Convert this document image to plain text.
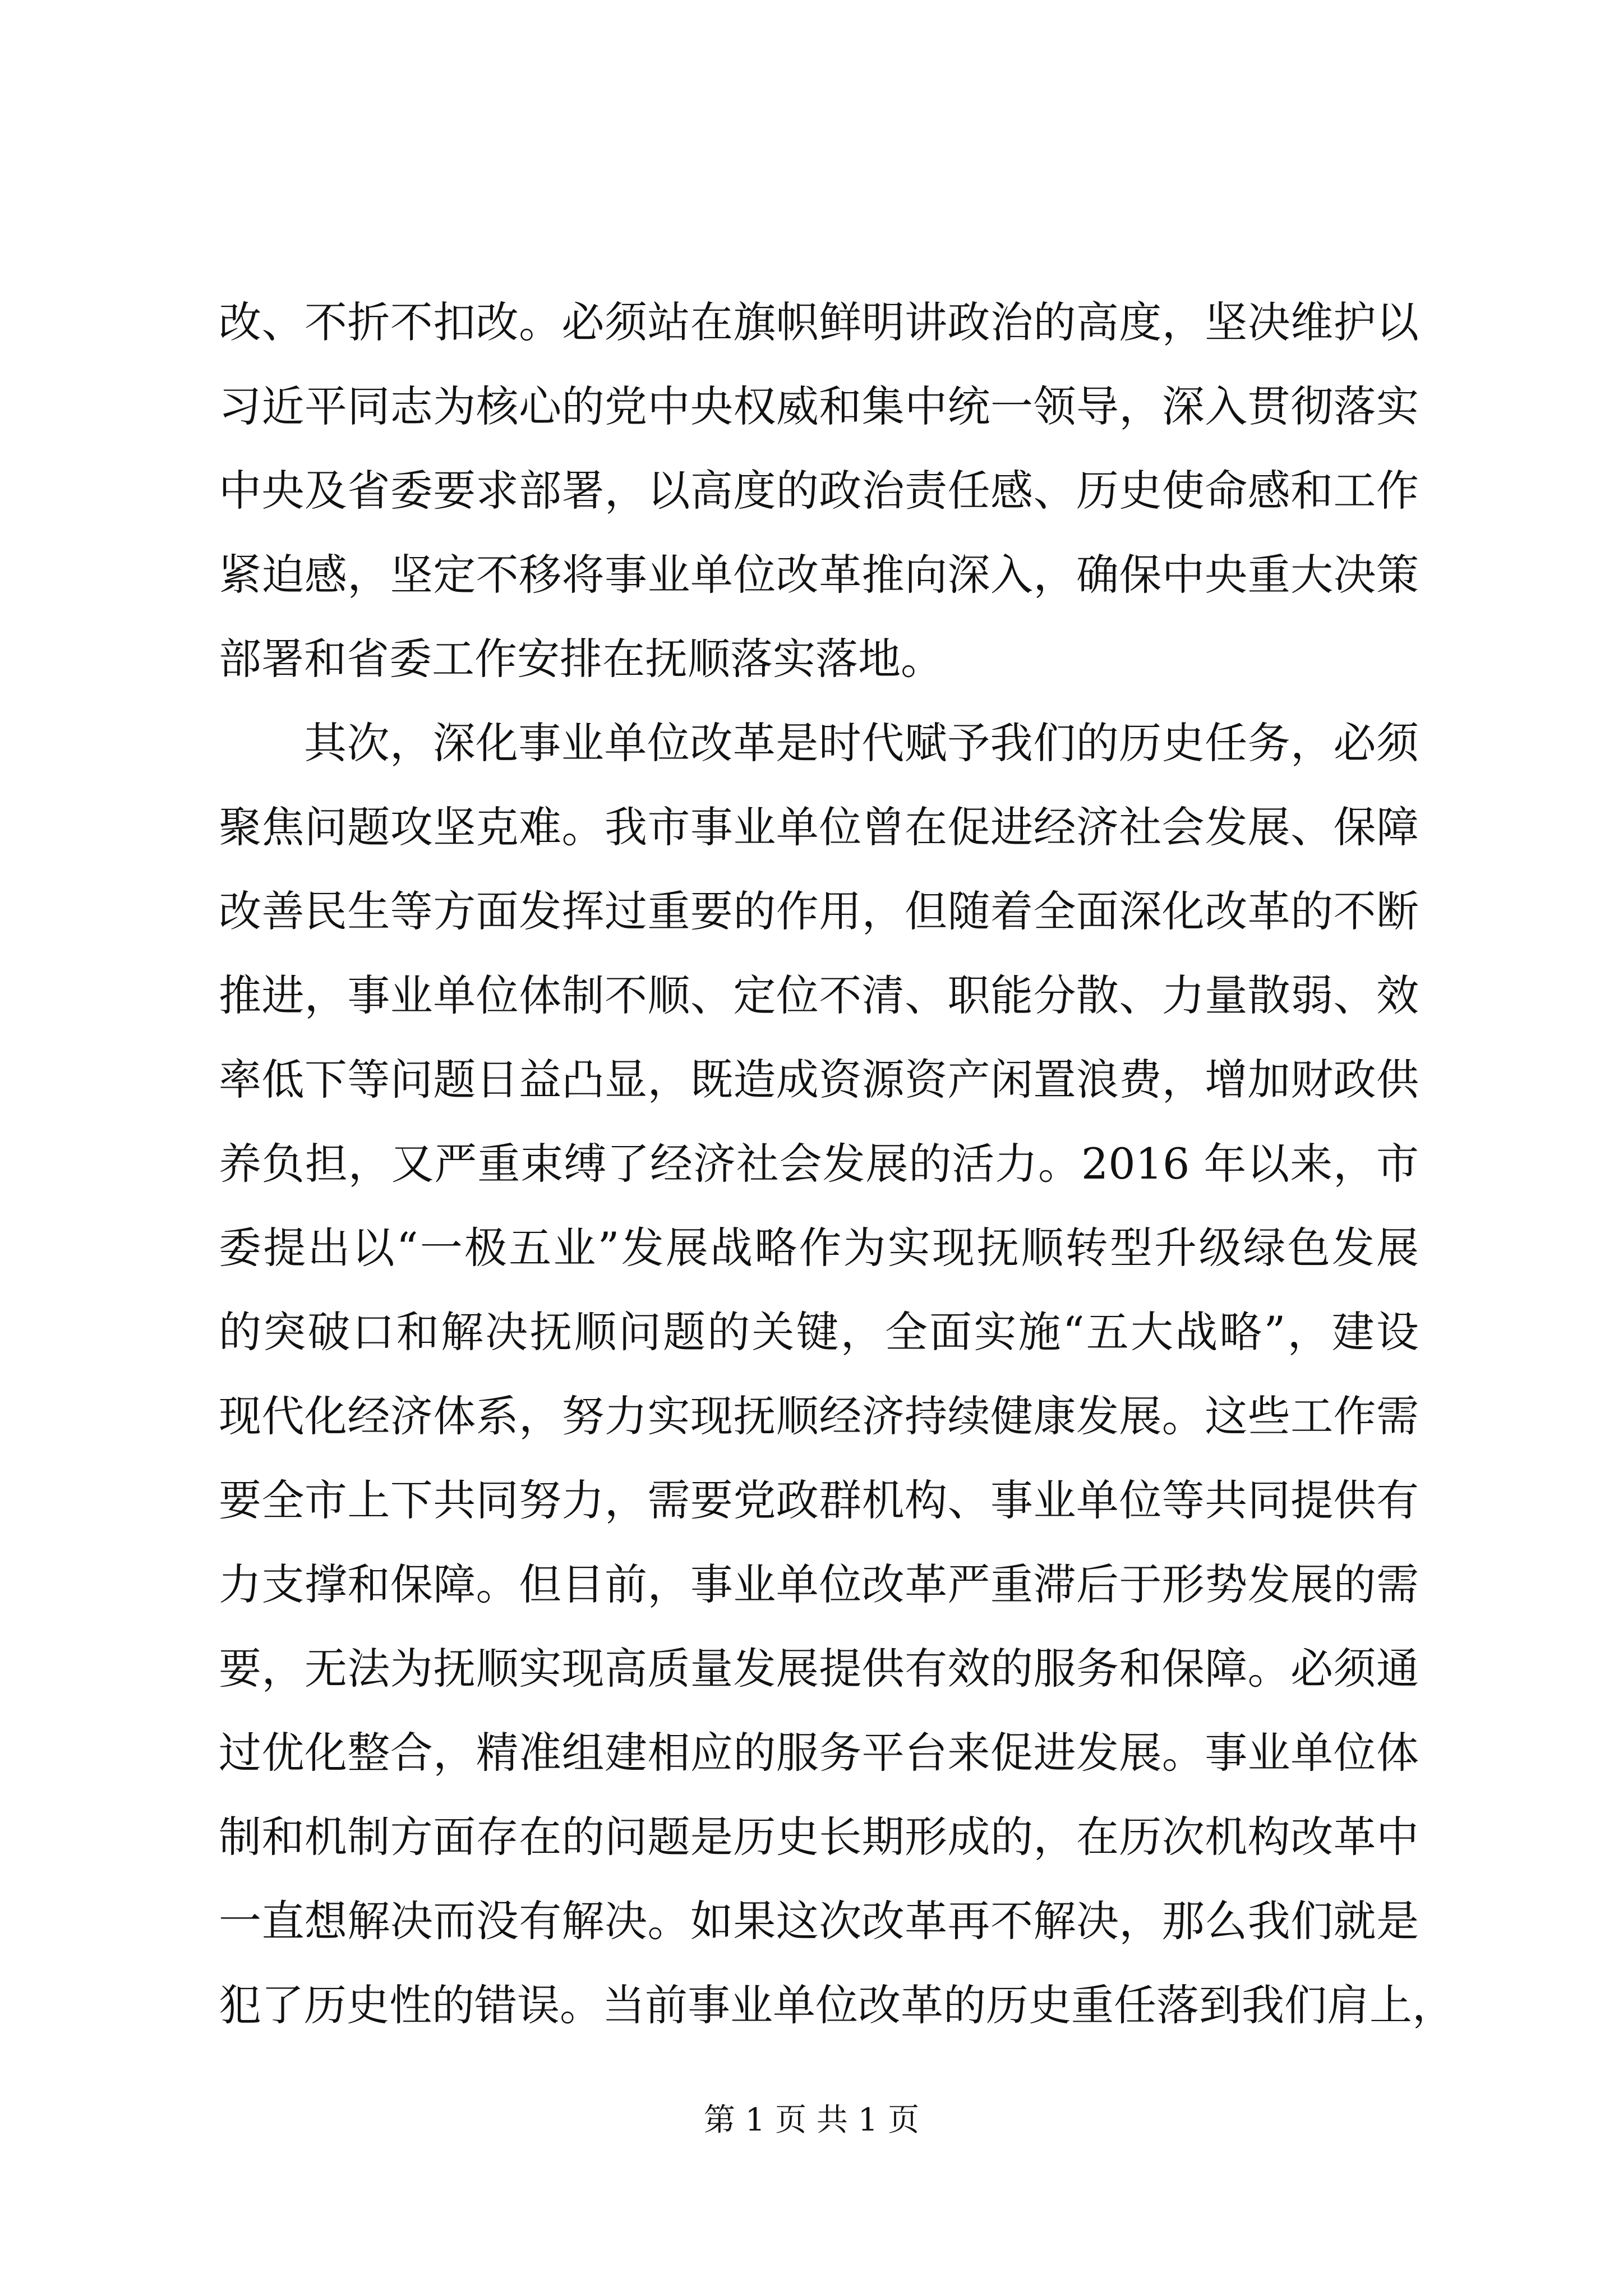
改、不折不扣改。必须站在旗帜鲜明讲政治的高度，坚决维护以
习近平同志为核心的党中央权威和集中统一领导，深入贯彻落实
中央及省委要求部署，以高度的政治责任感、历史使命感和工作
紧迫感，坚定不移将事业单位改革推向深入，确保中央重大决策
部署和省委工作安排在抚顺落实落地。
其次，深化事业单位改革是时代赋予我们的历史任务，必须
聚焦问题攻坚克难。我市事业单位曾在促进经济社会发展、保障
改善民生等方面发挥过重要的作用，但随着全面深化改革的不断
推进，事业单位体制不顺、定位不清、职能分散、力量散弱、效
率低下等问题日益凸显，既造成资源资产闲置浪费，增加财政供
养负担，又严重束缚了经济社会发展的活力。2016 年以来，市
委提出以“一极五业”发展战略作为实现抚顺转型升级绿色发展
的突破口和解决抚顺问题的关键，全面实施“五大战略”，建设
现代化经济体系，努力实现抚顺经济持续健康发展。这些工作需
要全市上下共同努力，需要党政群机构、事业单位等共同提供有
力支撑和保障。但目前，事业单位改革严重滞后于形势发展的需
要，无法为抚顺实现高质量发展提供有效的服务和保障。必须通
过优化整合，精准组建相应的服务平台来促进发展。事业单位体
制和机制方面存在的问题是历史长期形成的，在历次机构改革中
一直想解决而没有解决。如果这次改革再不解决，那么我们就是
犯了历史性的错误。当前事业单位改革的历史重任落到我们肩上，
第 1 页 共 1 页
